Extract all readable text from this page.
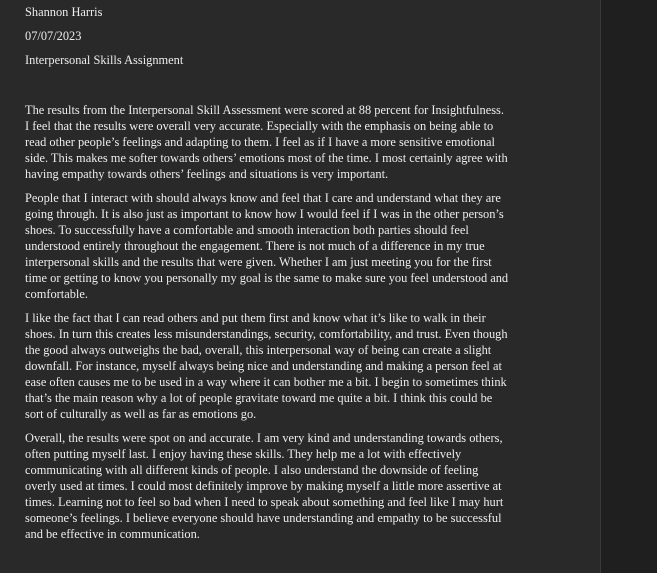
Shannon Harris
07/07/2023
Interpersonal Skills Assignment

The results from the Interpersonal Skill Assessment were scored at 88 percent for Insightfulness.
I feel that the results were overall very accurate. Especially with the emphasis on being able to
read other people’s feelings and adapting to them. I feel as if I have a more sensitive emotional
side. This makes me softer towards others’ emotions most of the time. I most certainly agree with
having empathy towards others’ feelings and situations is very important.

People that I interact with should always know and feel that I care and understand what they are
going through. It is also just as important to know how I would feel if I was in the other person’s
shoes. To successfully have a comfortable and smooth interaction both parties should feel
understood entirely throughout the engagement. There is not much of a difference in my true
interpersonal skills and the results that were given. Whether I am just meeting you for the first
time or getting to know you personally my goal is the same to make sure you feel understood and
comfortable.

I like the fact that I can read others and put them first and know what it’s like to walk in their
shoes. In turn this creates less misunderstandings, security, comfortability, and trust. Even though
the good always outweighs the bad, overall, this interpersonal way of being can create a slight
downfall. For instance, myself always being nice and understanding and making a person feel at
ease often causes me to be used in a way where it can bother me a bit. I begin to sometimes think
that’s the main reason why a lot of people gravitate toward me quite a bit. I think this could be
sort of culturally as well as far as emotions go.

Overall, the results were spot on and accurate. I am very kind and understanding towards others,
often putting myself last. I enjoy having these skills. They help me a lot with effectively
communicating with all different kinds of people. I also understand the downside of feeling
overly used at times. I could most definitely improve by making myself a little more assertive at
times. Learning not to feel so bad when I need to speak about something and feel like I may hurt
someone’s feelings. I believe everyone should have understanding and empathy to be successful
and be effective in communication.
